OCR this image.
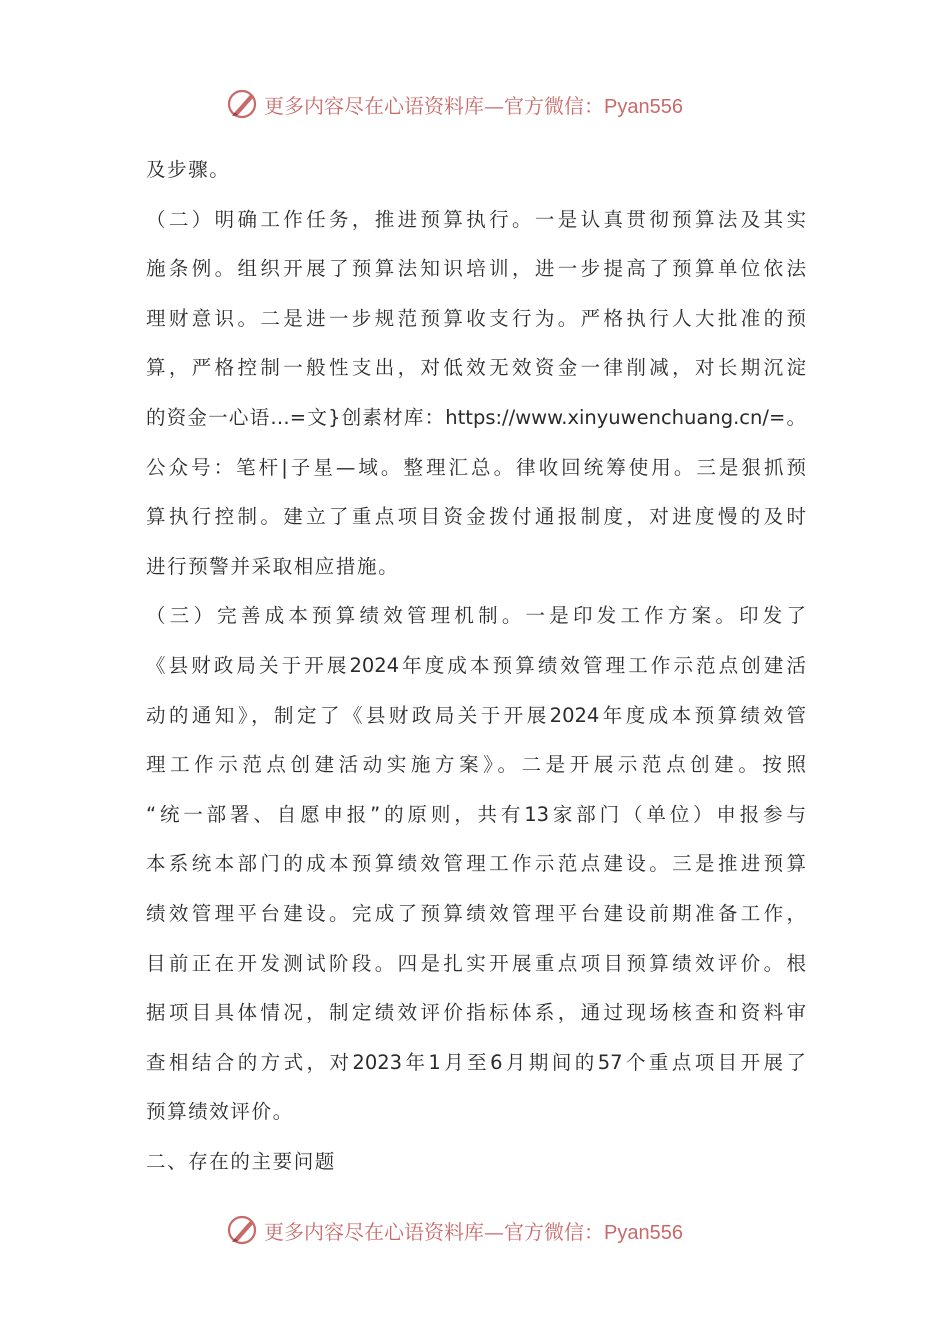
更多内容尽在心语资料库—官方微信：Pyan556
及步骤。
（二）明确工作任务，推进预算执行。一是认真贯彻预算法及其实
施条例。组织开展了预算法知识培训，进一步提高了预算单位依法
理财意识。二是进一步规范预算收支行为。严格执行人大批准的预
算，严格控制一般性支出，对低效无效资金一律削减，对长期沉淀
的资金一心语…=文}创素材库：https://www.xinyuwenchuang.cn/=。
公众号：笔杆|子星—域。整理汇总。律收回统筹使用。三是狠抓预
算执行控制。建立了重点项目资金拨付通报制度，对进度慢的及时
进行预警并采取相应措施。
（三）完善成本预算绩效管理机制。一是印发工作方案。印发了
《县财政局关于开展2024年度成本预算绩效管理工作示范点创建活
动的通知》，制定了《县财政局关于开展2024年度成本预算绩效管
理工作示范点创建活动实施方案》。二是开展示范点创建。按照
“统一部署、自愿申报”的原则，共有13家部门（单位）申报参与
本系统本部门的成本预算绩效管理工作示范点建设。三是推进预算
绩效管理平台建设。完成了预算绩效管理平台建设前期准备工作，
目前正在开发测试阶段。四是扎实开展重点项目预算绩效评价。根
据项目具体情况，制定绩效评价指标体系，通过现场核查和资料审
查相结合的方式，对2023年1月至6月期间的57个重点项目开展了
预算绩效评价。
二、存在的主要问题
更多内容尽在心语资料库—官方微信：Pyan556
